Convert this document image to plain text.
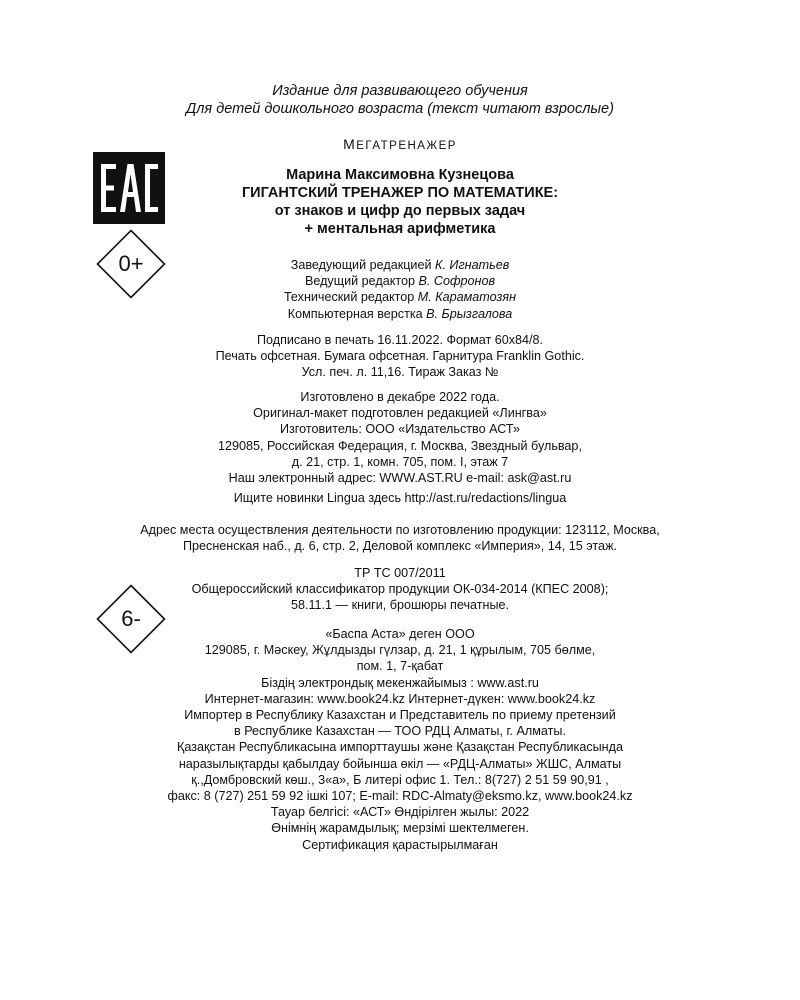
Издание для развивающего обучения
Для детей дошкольного возраста (текст читают взрослые)
МЕГАТРЕНАЖЕР
0+
6-
Марина Максимовна Кузнецова
ГИГАНТСКИЙ ТРЕНАЖЕР ПО МАТЕМАТИКЕ:
от знаков и цифр до первых задач
+ ментальная арифметика
Заведующий редакцией К. Игнатьев
Ведущий редактор В. Софронов
Технический редактор М. Караматозян
Компьютерная верстка В. Брызгалова
Подписано в печать 16.11.2022. Формат 60х84/8.
Печать офсетная. Бумага офсетная. Гарнитура Franklin Gothic.
Усл. печ. л. 11,16. Тираж Заказ №
Изготовлено в декабре 2022 года.
Оригинал-макет подготовлен редакцией «Лингва»
Изготовитель: ООО «Издательство АСТ»
129085, Российская Федерация, г. Москва, Звездный бульвар,
д. 21, стр. 1, комн. 705, пом. I, этаж 7
Наш электронный адрес: WWW.AST.RU e-mail: ask@ast.ru
Ищите новинки Lingua здесь http://ast.ru/redactions/lingua
Адрес места осуществления деятельности по изготовлению продукции: 123112, Москва,
Пресненская наб., д. 6, стр. 2, Деловой комплекс «Империя», 14, 15 этаж.
ТР ТС 007/2011
Общероссийский классификатор продукции ОК-034-2014 (КПЕС 2008);
58.11.1 — книги, брошюры печатные.
«Баспа Аста» деген ООО
129085, г. Мәскеу, Жұлдызды гүлзар, д. 21, 1 құрылым, 705 бөлме,
пом. 1, 7-қабат
Біздің электрондық мекенжайымыз : www.ast.ru
Интернет-магазин: www.book24.kz Интернет-дүкен: www.book24.kz
Импортер в Республику Казахстан и Представитель по приему претензий
в Республике Казахстан — ТОО РДЦ Алматы, г. Алматы.
Қазақстан Республикасына импорттаушы және Қазақстан Республикасында
наразылықтарды қабылдау бойынша өкіл — «РДЦ-Алматы» ЖШС, Алматы
қ.,Домбровский көш., 3«а», Б литері офис 1. Тел.: 8(727) 2 51 59 90,91 ,
факс: 8 (727) 251 59 92 ішкі 107; E-mail: RDC-Almaty@eksmo.kz, www.book24.kz
Тауар белгісі: «АСТ» Өндірілген жылы: 2022
Өнімнің жарамдылық; мерзімі шектелмеген.
Сертификация қарастырылмаған
